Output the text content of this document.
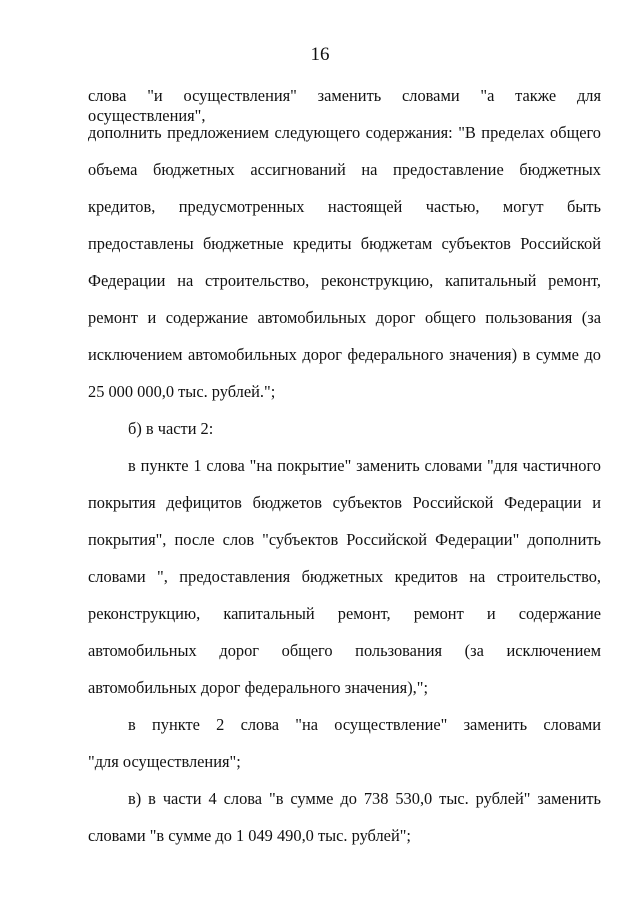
16
слова "и осуществления" заменить словами "а также для осуществления",
дополнить предложением следующего содержания: "В пределах общего
объема бюджетных ассигнований на предоставление бюджетных
кредитов, предусмотренных настоящей частью, могут быть
предоставлены бюджетные кредиты бюджетам субъектов Российской
Федерации на строительство, реконструкцию, капитальный ремонт,
ремонт и содержание автомобильных дорог общего пользования (за
исключением автомобильных дорог федерального значения) в сумме до
25 000 000,0 тыс. рублей.";
б) в части 2:
в пункте 1 слова "на покрытие" заменить словами "для частичного
покрытия дефицитов бюджетов субъектов Российской Федерации и
покрытия", после слов "субъектов Российской Федерации" дополнить
словами ", предоставления бюджетных кредитов на строительство,
реконструкцию, капитальный ремонт, ремонт и содержание
автомобильных дорог общего пользования (за исключением
автомобильных дорог федерального значения),";
в пункте 2 слова "на осуществление" заменить словами
"для осуществления";
в) в части 4 слова "в сумме до 738 530,0 тыс. рублей" заменить
словами "в сумме до 1 049 490,0 тыс. рублей";
